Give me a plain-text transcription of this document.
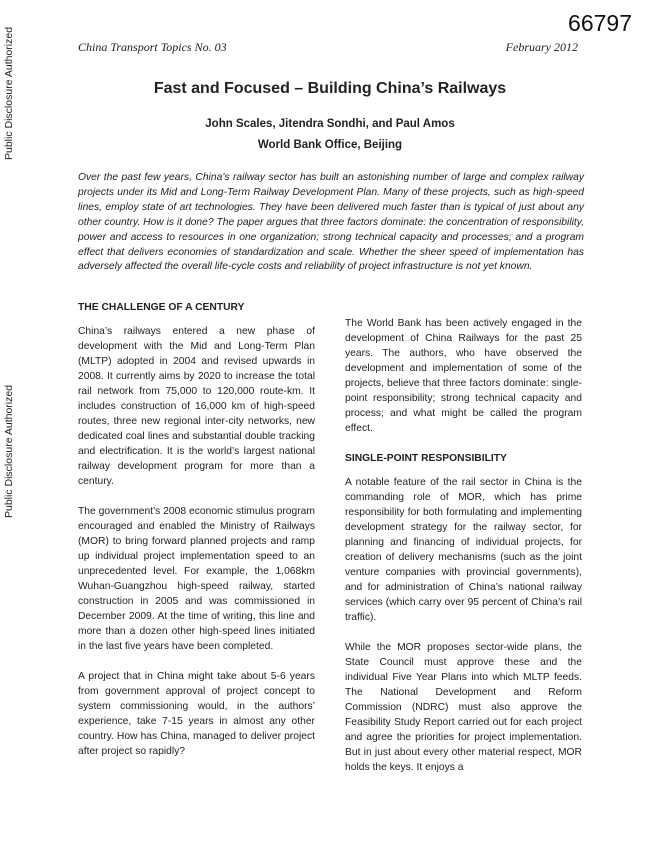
66797
Public Disclosure Authorized
Public Disclosure Authorized
China Transport Topics No. 03	February 2012
Fast and Focused – Building China’s Railways
John Scales, Jitendra Sondhi, and Paul Amos
World Bank Office, Beijing

Over the past few years, China’s railway sector has built an astonishing number of large and complex railway projects under its Mid and Long-Term Railway Development Plan. Many of these projects, such as high-speed lines, employ state of art technologies. They have been delivered much faster than is typical of just about any other country. How is it done? The paper argues that three factors dominate: the concentration of responsibility, power and access to resources in one organization; strong technical capacity and processes; and a program effect that delivers economies of standardization and scale. Whether the sheer speed of implementation has adversely affected the overall life-cycle costs and reliability of project infrastructure is not yet known.

THE CHALLENGE OF A CENTURY

China’s railways entered a new phase of development with the Mid and Long-Term Plan (MLTP) adopted in 2004 and revised upwards in 2008. It currently aims by 2020 to increase the total rail network from 75,000 to 120,000 route-km. It includes construction of 16,000 km of high-speed routes, three new regional inter-city networks, new dedicated coal lines and substantial double tracking and electrification. It is the world’s largest national railway development program for more than a century.

The government’s 2008 economic stimulus program encouraged and enabled the Ministry of Railways (MOR) to bring forward planned projects and ramp up individual project implementation speed to an unprecedented level. For example, the 1,068km Wuhan-Guangzhou high-speed railway, started construction in 2005 and was commissioned in December 2009. At the time of writing, this line and more than a dozen other high-speed lines initiated in the last five years have been completed.

A project that in China might take about 5-6 years from government approval of project concept to system commissioning would, in the authors’ experience, take 7-15 years in almost any other country. How has China, managed to deliver project after project so rapidly?

The World Bank has been actively engaged in the development of China Railways for the past 25 years. The authors, who have observed the development and implementation of some of the projects, believe that three factors dominate: single-point responsibility; strong technical capacity and process; and what might be called the program effect.

SINGLE-POINT RESPONSIBILITY

A notable feature of the rail sector in China is the commanding role of MOR, which has prime responsibility for both formulating and implementing development strategy for the railway sector, for planning and financing of individual projects, for creation of delivery mechanisms (such as the joint venture companies with provincial governments), and for administration of China’s national railway services (which carry over 95 percent of China’s rail traffic).

While the MOR proposes sector-wide plans, the State Council must approve these and the individual Five Year Plans into which MLTP feeds. The National Development and Reform Commission (NDRC) must also approve the Feasibility Study Report carried out for each project and agree the priorities for project implementation. But in just about every other material respect, MOR holds the keys. It enjoys a
